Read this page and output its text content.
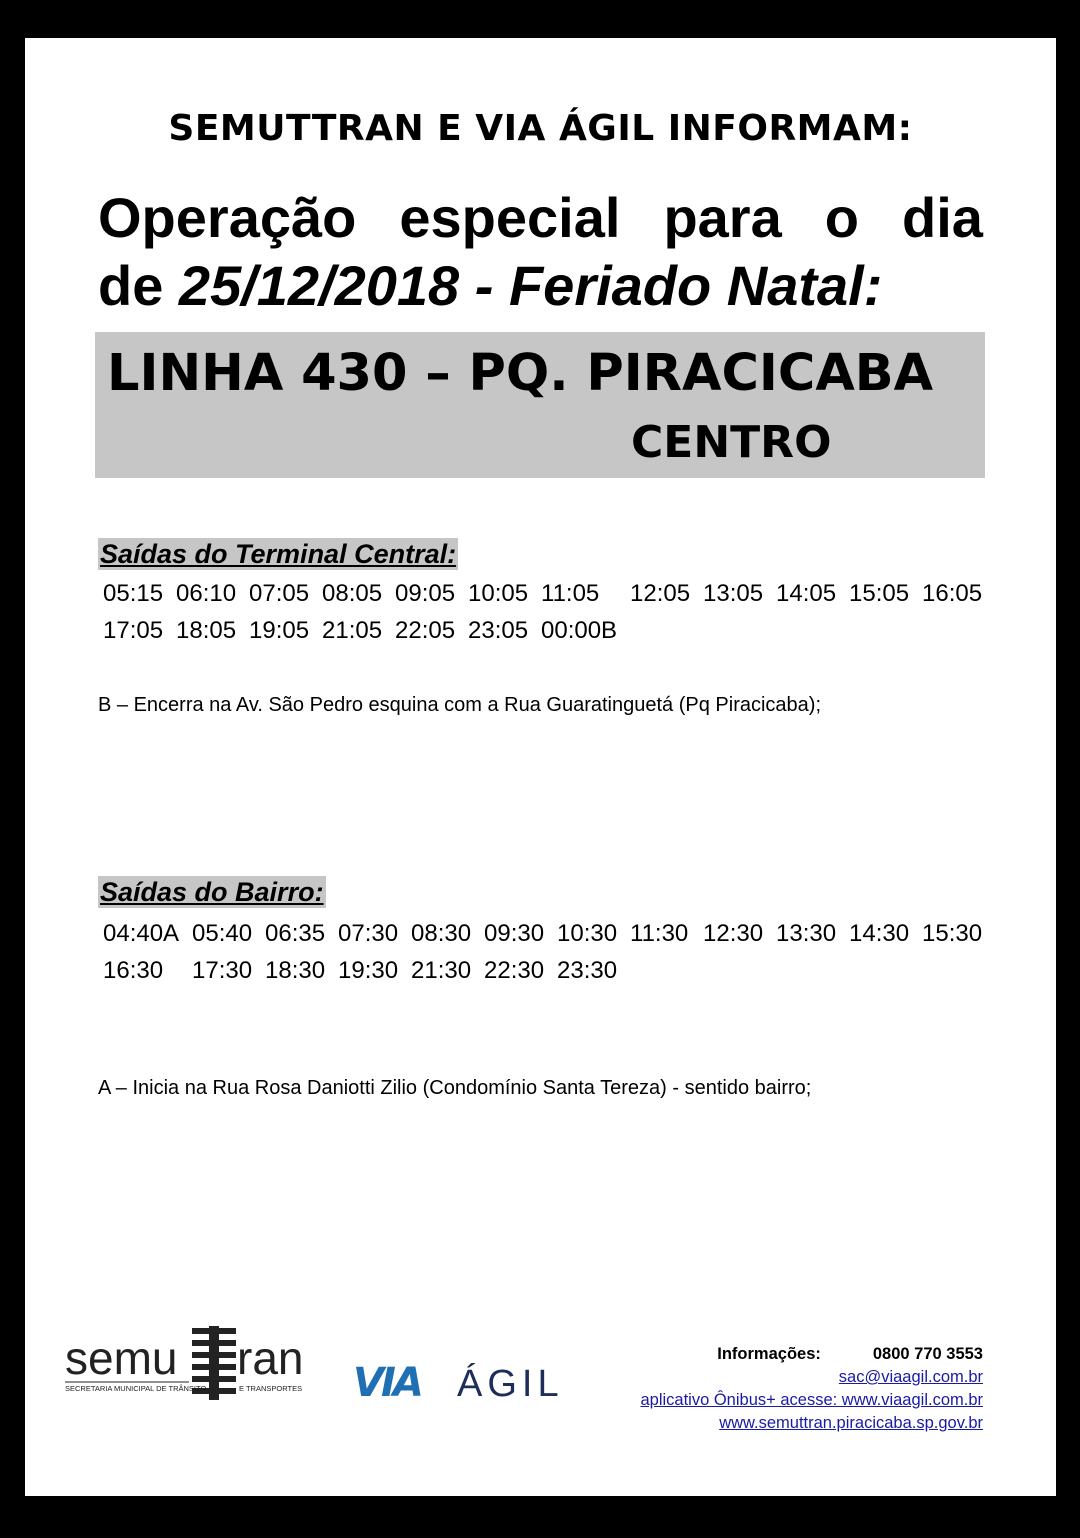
SEMUTTRAN E VIA ÁGIL INFORMAM:
Operação especial para o dia
de 25/12/2018 - Feriado Natal:
LINHA 430 – PQ. PIRACICABA
CENTRO
Saídas do Terminal Central:
05:15 06:10 07:05 08:05 09:05 10:05 11:05 12:05 13:05 14:05 15:05 16:05
17:05 18:05 19:05 21:05 22:05 23:05 00:00B
B – Encerra na Av. São Pedro esquina com a Rua Guaratinguetá (Pq Piracicaba);
Saídas do Bairro:
04:40A 05:40 06:35 07:30 08:30 09:30 10:30 11:30 12:30 13:30 14:30 15:30
16:30 17:30 18:30 19:30 21:30 22:30 23:30
A – Inicia na Rua Rosa Daniotti Zilio (Condomínio Santa Tereza) - sentido bairro;
semu ran
SECRETARIA MUNICIPAL DE TRÂNSITO	E TRANSPORTES VIA ÁGIL
Informações:	0800 770 3553
sac@viaagil.com.br
aplicativo Ônibus+ acesse: www.viaagil.com.br
www.semuttran.piracicaba.sp.gov.br
